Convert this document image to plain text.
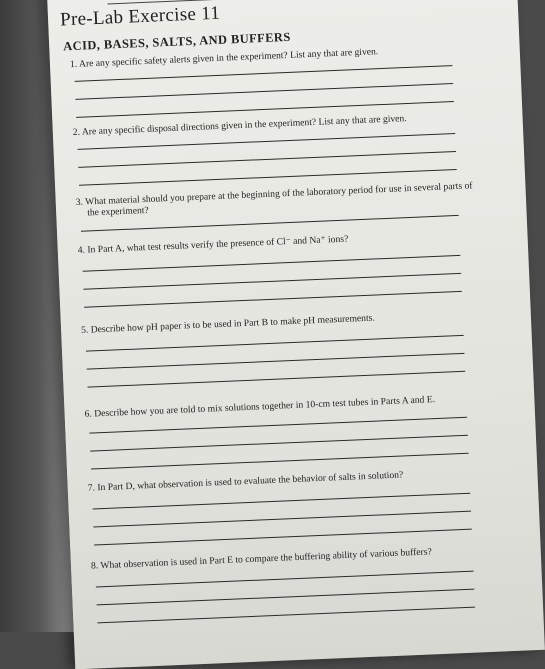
Pre-Lab Exercise 11
ACID, BASES, SALTS, AND BUFFERS
1. Are any specific safety alerts given in the experiment? List any that are given.
2. Are any specific disposal directions given in the experiment? List any that are given.
3. What material should you prepare at the beginning of the laboratory period for use in several parts of
the experiment?
4. In Part A, what test results verify the presence of Cl⁻ and Na⁺ ions?
5. Describe how pH paper is to be used in Part B to make pH measurements.
6. Describe how you are told to mix solutions together in 10-cm test tubes in Parts A and E.
7. In Part D, what observation is used to evaluate the behavior of salts in solution?
8. What observation is used in Part E to compare the buffering ability of various buffers?
